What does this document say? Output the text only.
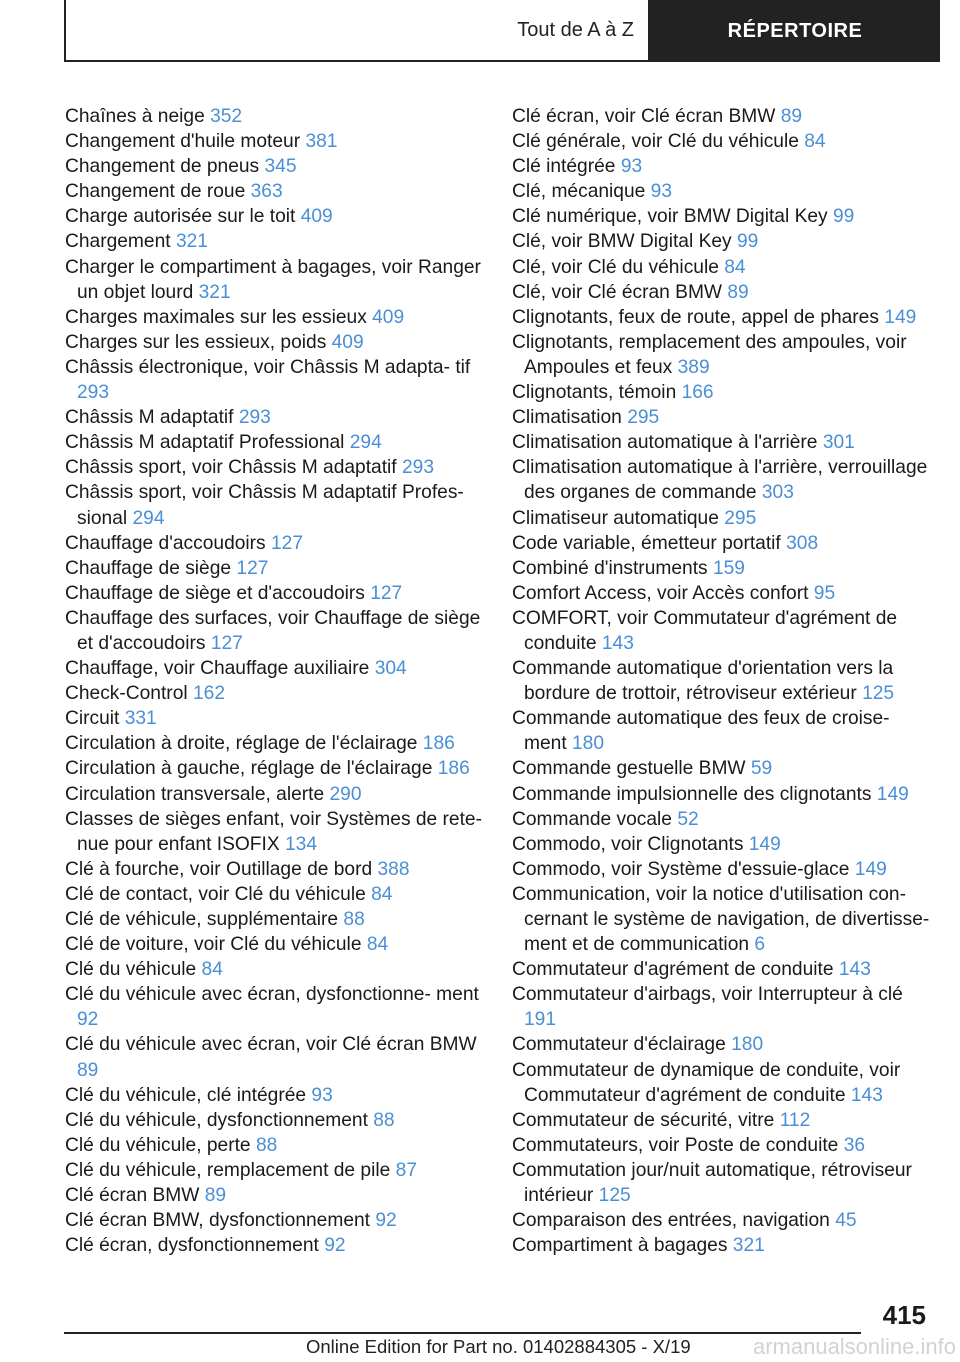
Tout de A à Z	RÉPERTOIRE
Chaînes à neige 352
Changement d'huile moteur 381
Changement de pneus 345
Changement de roue 363
Charge autorisée sur le toit 409
Chargement 321
Charger le compartiment à bagages, voir Ranger un objet lourd 321
Charges maximales sur les essieux 409
Charges sur les essieux, poids 409
Châssis électronique, voir Châssis M adapta- tif 293
Châssis M adaptatif 293
Châssis M adaptatif Professional 294
Châssis sport, voir Châssis M adaptatif 293
Châssis sport, voir Châssis M adaptatif Profes- sional 294
Chauffage d'accoudoirs 127
Chauffage de siège 127
Chauffage de siège et d'accoudoirs 127
Chauffage des surfaces, voir Chauffage de siège et d'accoudoirs 127
Chauffage, voir Chauffage auxiliaire 304
Check-Control 162
Circuit 331
Circulation à droite, réglage de l'éclairage 186
Circulation à gauche, réglage de l'éclairage 186
Circulation transversale, alerte 290
Classes de sièges enfant, voir Systèmes de rete- nue pour enfant ISOFIX 134
Clé à fourche, voir Outillage de bord 388
Clé de contact, voir Clé du véhicule 84
Clé de véhicule, supplémentaire 88
Clé de voiture, voir Clé du véhicule 84
Clé du véhicule 84
Clé du véhicule avec écran, dysfonctionne- ment 92
Clé du véhicule avec écran, voir Clé écran BMW 89
Clé du véhicule, clé intégrée 93
Clé du véhicule, dysfonctionnement 88
Clé du véhicule, perte 88
Clé du véhicule, remplacement de pile 87
Clé écran BMW 89
Clé écran BMW, dysfonctionnement 92
Clé écran, dysfonctionnement 92
Clé écran, voir Clé écran BMW 89
Clé générale, voir Clé du véhicule 84
Clé intégrée 93
Clé, mécanique 93
Clé numérique, voir BMW Digital Key 99
Clé, voir BMW Digital Key 99
Clé, voir Clé du véhicule 84
Clé, voir Clé écran BMW 89
Clignotants, feux de route, appel de phares 149
Clignotants, remplacement des ampoules, voir Ampoules et feux 389
Clignotants, témoin 166
Climatisation 295
Climatisation automatique à l'arrière 301
Climatisation automatique à l'arrière, verrouillage des organes de commande 303
Climatiseur automatique 295
Code variable, émetteur portatif 308
Combiné d'instruments 159
Comfort Access, voir Accès confort 95
COMFORT, voir Commutateur d'agrément de conduite 143
Commande automatique d'orientation vers la bordure de trottoir, rétroviseur extérieur 125
Commande automatique des feux de croise- ment 180
Commande gestuelle BMW 59
Commande impulsionnelle des clignotants 149
Commande vocale 52
Commodo, voir Clignotants 149
Commodo, voir Système d'essuie-glace 149
Communication, voir la notice d'utilisation con- cernant le système de navigation, de divertisse- ment et de communication 6
Commutateur d'agrément de conduite 143
Commutateur d'airbags, voir Interrupteur à clé 191
Commutateur d'éclairage 180
Commutateur de dynamique de conduite, voir Commutateur d'agrément de conduite 143
Commutateur de sécurité, vitre 112
Commutateurs, voir Poste de conduite 36
Commutation jour/nuit automatique, rétroviseur intérieur 125
Comparaison des entrées, navigation 45
Compartiment à bagages 321
415
Online Edition for Part no. 01402884305 - X/19	armanualsonline.info
